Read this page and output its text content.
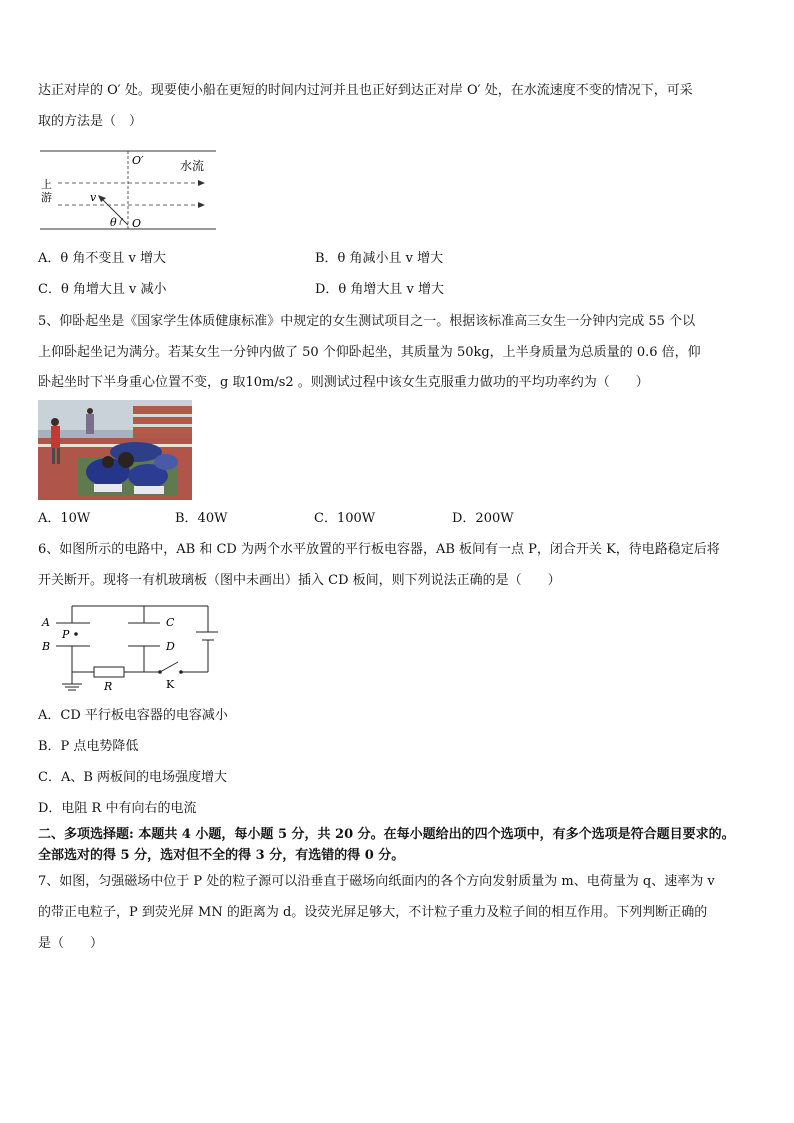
达正对岸的 O′ 处。现要使小船在更短的时间内过河并且也正好到达正对岸 O′ 处，在水流速度不变的情况下，可采
取的方法是（　）
O′
O
水流
上
游	v
θ
A．θ 角不变且 v 增大	B．θ 角减小且 v 增大
C．θ 角增大且 v 减小	D．θ 角增大且 v 增大
5、仰卧起坐是《国家学生体质健康标准》中规定的女生测试项目之一。根据该标准高三女生一分钟内完成 55 个以
上仰卧起坐记为满分。若某女生一分钟内做了 50 个仰卧起坐，其质量为 50kg，上半身质量为总质量的 0.6 倍，仰
卧起坐时下半身重心位置不变，g 取10m/s2 。则测试过程中该女生克服重力做功的平均功率约为（　　）
A．10W	B．40W	C．100W	D．200W
6、如图所示的电路中，AB 和 CD 为两个水平放置的平行板电容器，AB 板间有一点 P，闭合开关 K，待电路稳定后将
开关断开。现将一有机玻璃板（图中未画出）插入 CD 板间，则下列说法正确的是（　　）
A
B
C
D
P
R	K
A．CD 平行板电容器的电容减小
B．P 点电势降低
C．A、B 两板间的电场强度增大
D．电阻 R 中有向右的电流
二、多项选择题: 本题共 4 小题，每小题 5 分，共 20 分。在每小题给出的四个选项中，有多个选项是符合题目要求的。
全部选对的得 5 分，选对但不全的得 3 分，有选错的得 0 分。
7、如图，匀强磁场中位于 P 处的粒子源可以沿垂直于磁场向纸面内的各个方向发射质量为 m、电荷量为 q、速率为 v
的带正电粒子，P 到荧光屏 MN 的距离为 d。设荧光屏足够大，不计粒子重力及粒子间的相互作用。下列判断正确的
是（　　）
